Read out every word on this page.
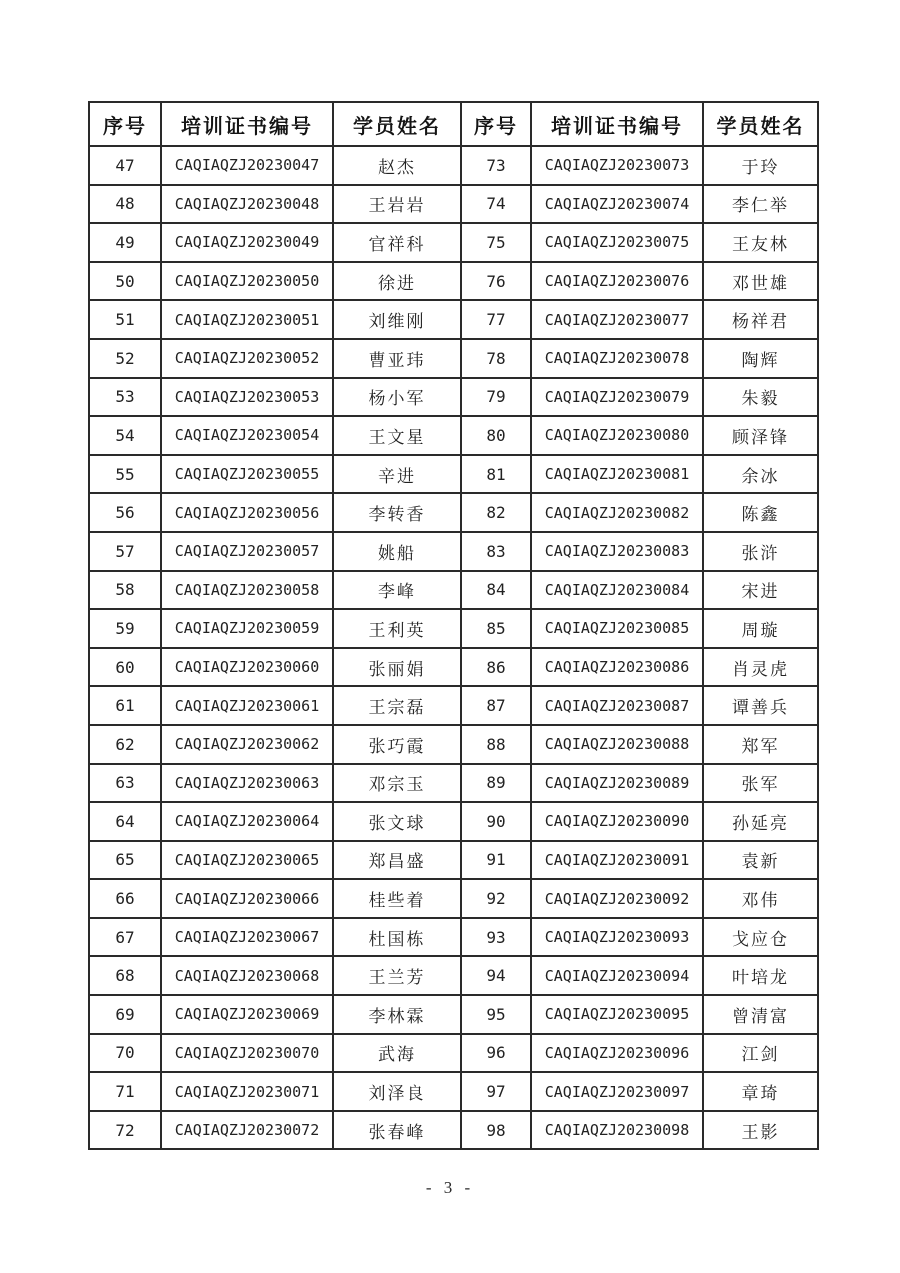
序号	培训证书编号	学员姓名	序号	培训证书编号	学员姓名
47	CAQIAQZJ20230047	赵杰	73	CAQIAQZJ20230073	于玲
48	CAQIAQZJ20230048	王岩岩	74	CAQIAQZJ20230074	李仁举
49	CAQIAQZJ20230049	官祥科	75	CAQIAQZJ20230075	王友林
50	CAQIAQZJ20230050	徐进	76	CAQIAQZJ20230076	邓世雄
51	CAQIAQZJ20230051	刘维刚	77	CAQIAQZJ20230077	杨祥君
52	CAQIAQZJ20230052	曹亚玮	78	CAQIAQZJ20230078	陶辉
53	CAQIAQZJ20230053	杨小军	79	CAQIAQZJ20230079	朱毅
54	CAQIAQZJ20230054	王文星	80	CAQIAQZJ20230080	顾泽锋
55	CAQIAQZJ20230055	辛进	81	CAQIAQZJ20230081	余冰
56	CAQIAQZJ20230056	李转香	82	CAQIAQZJ20230082	陈鑫
57	CAQIAQZJ20230057	姚船	83	CAQIAQZJ20230083	张浒
58	CAQIAQZJ20230058	李峰	84	CAQIAQZJ20230084	宋进
59	CAQIAQZJ20230059	王利英	85	CAQIAQZJ20230085	周璇
60	CAQIAQZJ20230060	张丽娟	86	CAQIAQZJ20230086	肖灵虎
61	CAQIAQZJ20230061	王宗磊	87	CAQIAQZJ20230087	谭善兵
62	CAQIAQZJ20230062	张巧霞	88	CAQIAQZJ20230088	郑军
63	CAQIAQZJ20230063	邓宗玉	89	CAQIAQZJ20230089	张军
64	CAQIAQZJ20230064	张文球	90	CAQIAQZJ20230090	孙延亮
65	CAQIAQZJ20230065	郑昌盛	91	CAQIAQZJ20230091	袁新
66	CAQIAQZJ20230066	桂些着	92	CAQIAQZJ20230092	邓伟
67	CAQIAQZJ20230067	杜国栋	93	CAQIAQZJ20230093	戈应仓
68	CAQIAQZJ20230068	王兰芳	94	CAQIAQZJ20230094	叶培龙
69	CAQIAQZJ20230069	李林霖	95	CAQIAQZJ20230095	曾清富
70	CAQIAQZJ20230070	武海	96	CAQIAQZJ20230096	江剑
71	CAQIAQZJ20230071	刘泽良	97	CAQIAQZJ20230097	章琦
72	CAQIAQZJ20230072	张春峰	98	CAQIAQZJ20230098	王影
- 3 -
